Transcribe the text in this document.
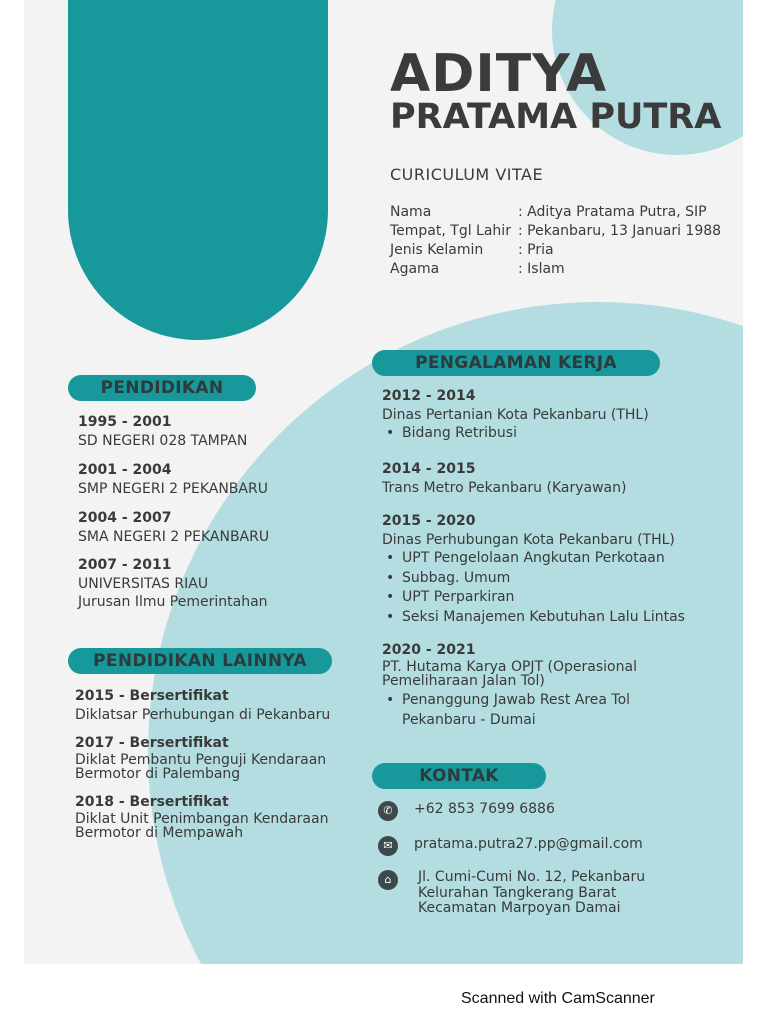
ADITYA
PRATAMA PUTRA
CURICULUM VITAE
Nama	: Aditya Pratama Putra, SIP
Tempat, Tgl Lahir : Pekanbaru, 13 Januari 1988
Jenis Kelamin	: Pria
Agama	: Islam
PENDIDIKAN
1995 - 2001
SD NEGERI 028 TAMPAN
2001 - 2004
SMP NEGERI 2 PEKANBARU
2004 - 2007
SMA NEGERI 2 PEKANBARU
2007 - 2011
UNIVERSITAS RIAU
Jurusan Ilmu Pemerintahan
PENDIDIKAN LAINNYA
2015 - Bersertifikat
Diklatsar Perhubungan di Pekanbaru
2017 - Bersertifikat
Diklat Pembantu Penguji Kendaraan
Bermotor di Palembang
2018 - Bersertifikat
Diklat Unit Penimbangan Kendaraan
Bermotor di Mempawah
PENGALAMAN KERJA
2012 - 2014
Dinas Pertanian Kota Pekanbaru (THL)
• Bidang Retribusi
2014 - 2015
Trans Metro Pekanbaru (Karyawan)
2015 - 2020
Dinas Perhubungan Kota Pekanbaru (THL)
• UPT Pengelolaan Angkutan Perkotaan
• Subbag. Umum
• UPT Perparkiran
• Seksi Manajemen Kebutuhan Lalu Lintas
2020 - 2021
PT. Hutama Karya OPJT (Operasional
Pemeliharaan Jalan Tol)
• Penanggung Jawab Rest Area Tol
Pekanbaru - Dumai
KONTAK
✆	+62 853 7699 6886
✉	pratama.putra27.pp@gmail.com
⌂	Jl. Cumi-Cumi No. 12, Pekanbaru
Kelurahan Tangkerang Barat
Kecamatan Marpoyan Damai
Scanned with CamScanner
